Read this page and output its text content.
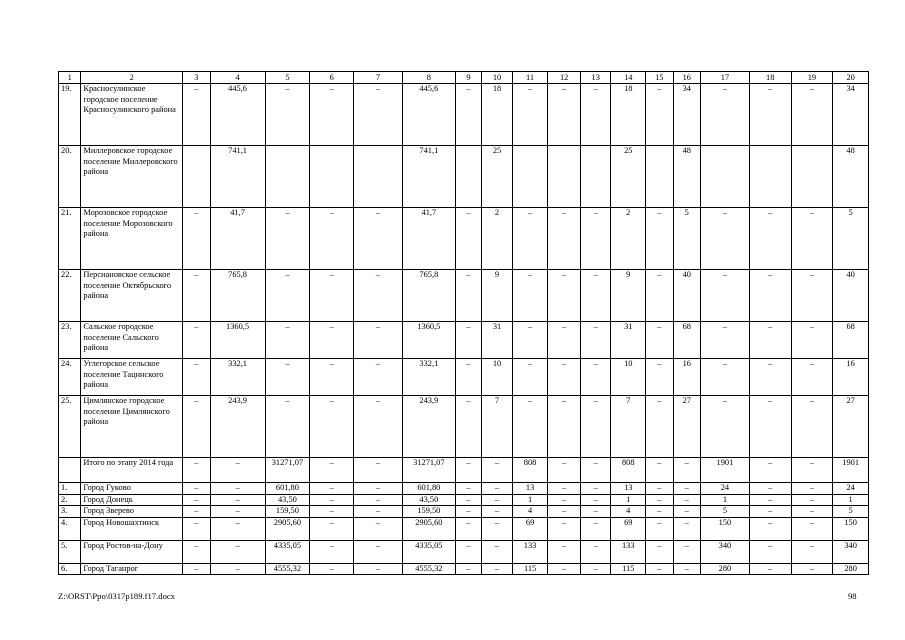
1	2	3	4	5	6	7	8	9	10	11	12	13	14	15	16	17	18	19	20
19.	Красносулинское городское поселение Красносулинского района	–	445,6	–	–	–	445,6	–	18	–	–	–	18	–	34	–	–	–	34
20.	Миллеровское городское поселение Миллеровского района		741,1				741,1		25				25		48				48
21.	Морозовское городское поселение Морозовского района	–	41,7	–	–	–	41,7	–	2	–	–	–	2	–	5	–	–	–	5
22.	Персиановское сельское поселение Октябрьского района	–	765,8	–	–	–	765,8	–	9	–	–	–	9	–	40	–	–	–	40
23.	Сальское городское поселение Сальского района	–	1360,5	–	–	–	1360,5	–	31	–	–	–	31	–	68	–	–	–	68
24.	Углегорское сельское поселение Тацинского района	–	332,1	–	–	–	332,1	–	10	–	–	–	10	–	16	–	–	–	16
25.	Цимлянское городское поселение Цимлянского района	–	243,9	–	–	–	243,9	–	7	–	–	–	7	–	27	–	–	–	27
	Итого по этапу 2014 года	–	–	31271,07	–	–	31271,07	–	–	808	–	–	808	–	–	1901	–	–	1901
1.	Город Гуково	–	–	601,80	–	–	601,80	–	–	13	–	–	13	–	–	24	–	–	24
2.	Город Донецк	–	–	43,50	–	–	43,50	–	–	1	–	–	1	–	–	1	–	–	1
3.	Город Зверево	–	–	159,50	–	–	159,50	–	–	4	–	–	4	–	–	5	–	–	5
4.	Город Новошахтинск	–	–	2905,60	–	–	2905,60	–	–	69	–	–	69	–	–	150	–	–	150
5.	Город Ростов-на-Дону	–	–	4335,05	–	–	4335,05	–	–	133	–	–	133	–	–	340	–	–	340
6.	Город Таганрог	–	–	4555,32	–	–	4555,32	–	–	115	–	–	115	–	–	280	–	–	280
Z:\ORST\Ppo\0317p189.f17.docx	98
